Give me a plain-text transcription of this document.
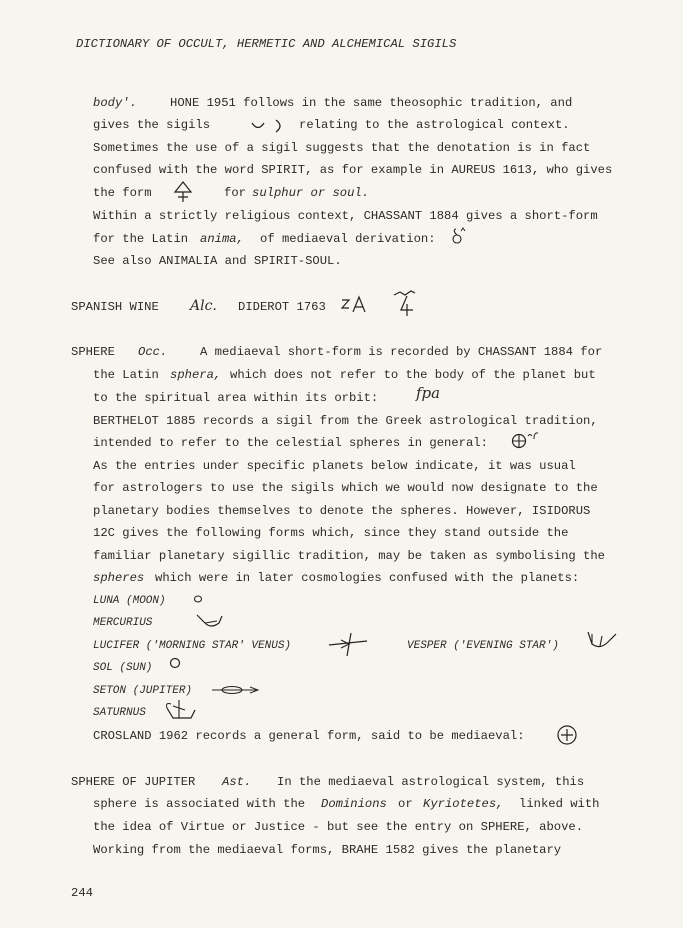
DICTIONARY OF OCCULT, HERMETIC AND ALCHEMICAL SIGILS
body'.	HONE 1951 follows in the same theosophic tradition, and
gives the sigils	relating to the astrological context.
Sometimes the use of a sigil suggests that the denotation is in fact
confused with the word SPIRIT, as for example in AUREUS 1613, who gives
the form	for sulphur or soul.
Within a strictly religious context, CHASSANT 1884 gives a short-form
for the Latin anima, of mediaeval derivation:
See also ANIMALIA and SPIRIT-SOUL.
SPANISH WINE Alc. DIDEROT 1763
SPHERE Occ.	A mediaeval short-form is recorded by CHASSANT 1884 for
the Latin sphera, which does not refer to the body of the planet but
to the spiritual area within its orbit:	fpa
BERTHELOT 1885 records a sigil from the Greek astrological tradition,
intended to refer to the celestial spheres in general:
As the entries under specific planets below indicate, it was usual
for astrologers to use the sigils which we would now designate to the
planetary bodies themselves to denote the spheres. However, ISIDORUS
12C gives the following forms which, since they stand outside the
familiar planetary sigillic tradition, may be taken as symbolising the
spheres which were in later cosmologies confused with the planets:
LUNA (MOON)
MERCURIUS
LUCIFER ('MORNING STAR' VENUS)	VESPER ('EVENING STAR')
SOL (SUN)
SETON (JUPITER)
SATURNUS
CROSLAND 1962 records a general form, said to be mediaeval:
SPHERE OF JUPITER Ast. In the mediaeval astrological system, this
sphere is associated with the Dominions or Kyriotetes, linked with
the idea of Virtue or Justice - but see the entry on SPHERE, above.
Working from the mediaeval forms, BRAHE 1582 gives the planetary
244
